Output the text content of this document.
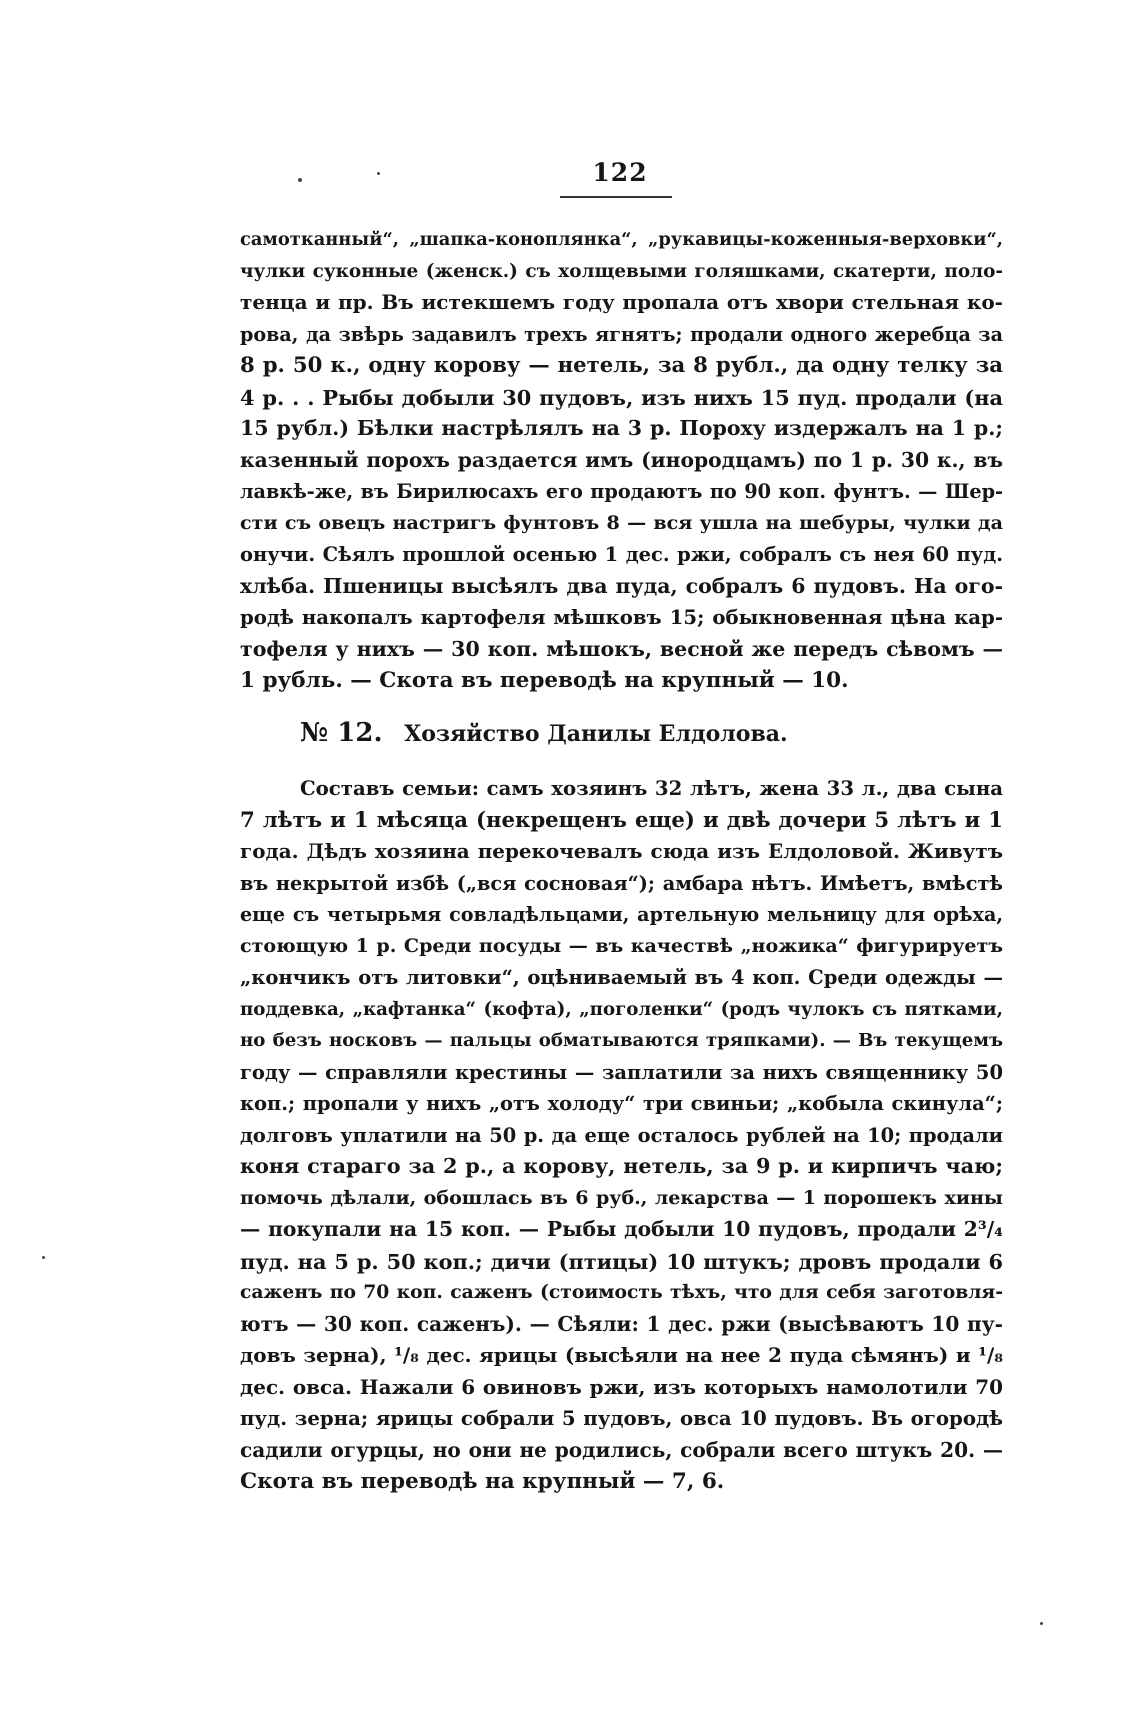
122
самотканный“, „шапка-коноплянка“, „рукавицы-коженныя-верховки“,
чулки суконные (женск.) съ холщевыми голяшками, скатерти, поло-
тенца и пр. Въ истекшемъ году пропала отъ хвори стельная ко-
рова, да звѣрь задавилъ трехъ ягнятъ; продали одного жеребца за
8 р. 50 к., одну корову — нетель, за 8 рубл., да одну телку за
4 р. . . Рыбы добыли 30 пудовъ, изъ нихъ 15 пуд. продали (на
15 рубл.) Бѣлки настрѣлялъ на 3 р. Пороху издержалъ на 1 р.;
казенный порохъ раздается имъ (инородцамъ) по 1 р. 30 к., въ
лавкѣ-же, въ Бирилюсахъ его продаютъ по 90 коп. фунтъ. — Шер-
сти съ овецъ настригъ фунтовъ 8 — вся ушла на шебуры, чулки да
онучи. Сѣялъ прошлой осенью 1 дес. ржи, собралъ съ нея 60 пуд.
хлѣба. Пшеницы высѣялъ два пуда, собралъ 6 пудовъ. На ого-
родѣ накопалъ картофеля мѣшковъ 15; обыкновенная цѣна кар-
тофеля у нихъ — 30 коп. мѣшокъ, весной же передъ сѣвомъ —
1 рубль. — Скота въ переводѣ на крупный — 10.
№ 12. Хозяйство Данилы Елдолова.
Составъ семьи: самъ хозяинъ 32 лѣтъ, жена 33 л., два сына
7 лѣтъ и 1 мѣсяца (некрещенъ еще) и двѣ дочери 5 лѣтъ и 1
года. Дѣдъ хозяина перекочевалъ сюда изъ Елдоловой. Живутъ
въ некрытой избѣ („вся сосновая“); амбара нѣтъ. Имѣетъ, вмѣстѣ
еще съ четырьмя совладѣльцами, артельную мельницу для орѣха,
стоющую 1 р. Среди посуды — въ качествѣ „ножика“ фигурируетъ
„кончикъ отъ литовки“, оцѣниваемый въ 4 коп. Среди одежды —
поддевка, „кафтанка“ (кофта), „поголенки“ (родъ чулокъ съ пятками,
но безъ носковъ — пальцы обматываются тряпками). — Въ текущемъ
году — справляли крестины — заплатили за нихъ священнику 50
коп.; пропали у нихъ „отъ холоду“ три свиньи; „кобыла скинула“;
долговъ уплатили на 50 р. да еще осталось рублей на 10; продали
коня стараго за 2 р., а корову, нетель, за 9 р. и кирпичъ чаю;
помочь дѣлали, обошлась въ 6 руб., лекарства — 1 порошекъ хины
— покупали на 15 коп. — Рыбы добыли 10 пудовъ, продали 2³/₄
пуд. на 5 р. 50 коп.; дичи (птицы) 10 штукъ; дровъ продали 6
саженъ по 70 коп. саженъ (стоимость тѣхъ, что для себя заготовля-
ютъ — 30 коп. саженъ). — Сѣяли: 1 дес. ржи (высѣваютъ 10 пу-
довъ зерна), ¹/₈ дес. ярицы (высѣяли на нее 2 пуда сѣмянъ) и ¹/₈
дес. овса. Нажали 6 овиновъ ржи, изъ которыхъ намолотили 70
пуд. зерна; ярицы собрали 5 пудовъ, овса 10 пудовъ. Въ огородѣ
садили огурцы, но они не родились, собрали всего штукъ 20. —
Скота въ переводѣ на крупный — 7, 6.
